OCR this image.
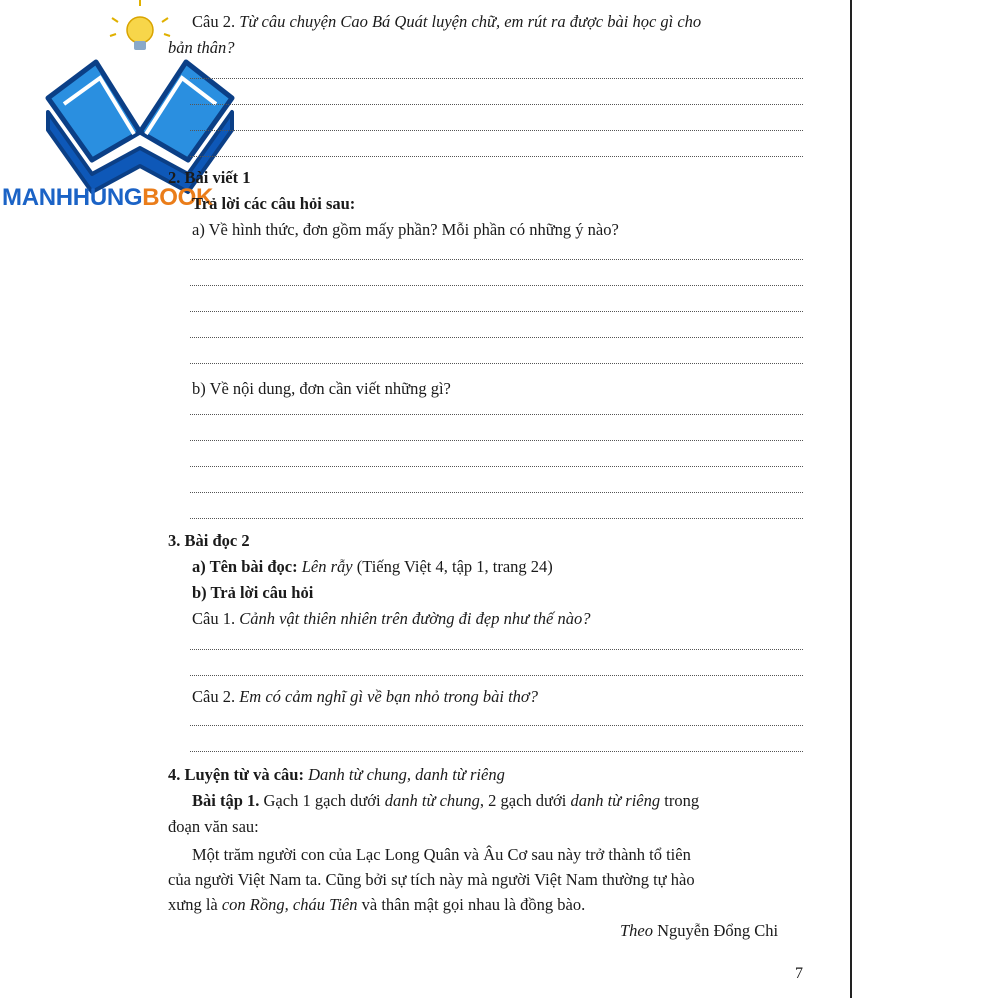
MANHHUNGBOOK
Câu 2. Từ câu chuyện Cao Bá Quát luyện chữ, em rút ra được bài học gì cho
bản thân?
2. Bài viết 1
Trả lời các câu hỏi sau:
a) Về hình thức, đơn gồm mấy phần? Mỗi phần có những ý nào?
b) Về nội dung, đơn cần viết những gì?
3. Bài đọc 2
a) Tên bài đọc: Lên rẫy (Tiếng Việt 4, tập 1, trang 24)
b) Trả lời câu hỏi
Câu 1. Cảnh vật thiên nhiên trên đường đi đẹp như thế nào?
Câu 2. Em có cảm nghĩ gì về bạn nhỏ trong bài thơ?
4. Luyện từ và câu: Danh từ chung, danh từ riêng
Bài tập 1. Gạch 1 gạch dưới danh từ chung, 2 gạch dưới danh từ riêng trong
đoạn văn sau:
Một trăm người con của Lạc Long Quân và Âu Cơ sau này trở thành tổ tiên
của người Việt Nam ta. Cũng bởi sự tích này mà người Việt Nam thường tự hào
xưng là con Rồng, cháu Tiên và thân mật gọi nhau là đồng bào.
Theo Nguyễn Đổng Chi
7
